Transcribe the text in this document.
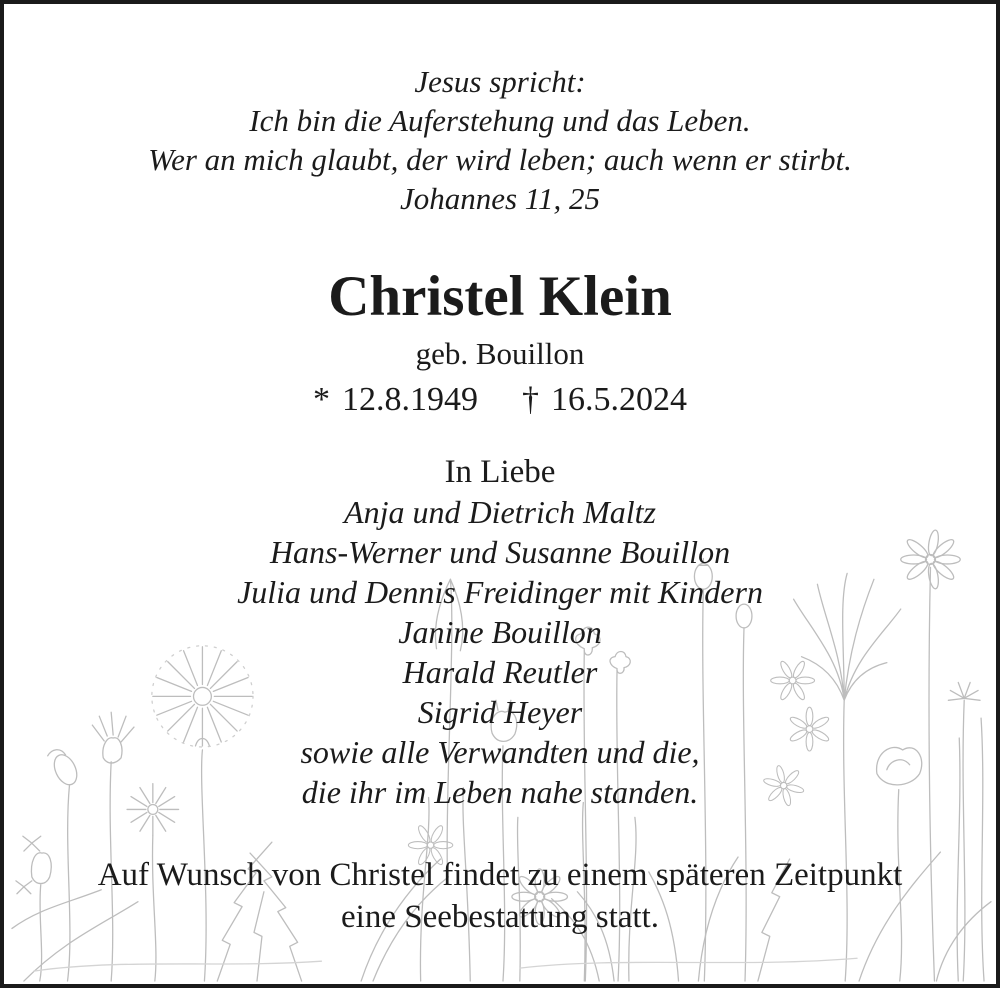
Jesus spricht:
Ich bin die Auferstehung und das Leben.
Wer an mich glaubt, der wird leben; auch wenn er stirbt.
Johannes 11, 25
Christel Klein
geb. Bouillon
* 12.8.1949 † 16.5.2024
In Liebe
Anja und Dietrich Maltz
Hans-Werner und Susanne Bouillon
Julia und Dennis Freidinger mit Kindern
Janine Bouillon
Harald Reutler
Sigrid Heyer
sowie alle Verwandten und die,
die ihr im Leben nahe standen.
Auf Wunsch von Christel findet zu einem späteren Zeitpunkt
eine Seebestattung statt.
